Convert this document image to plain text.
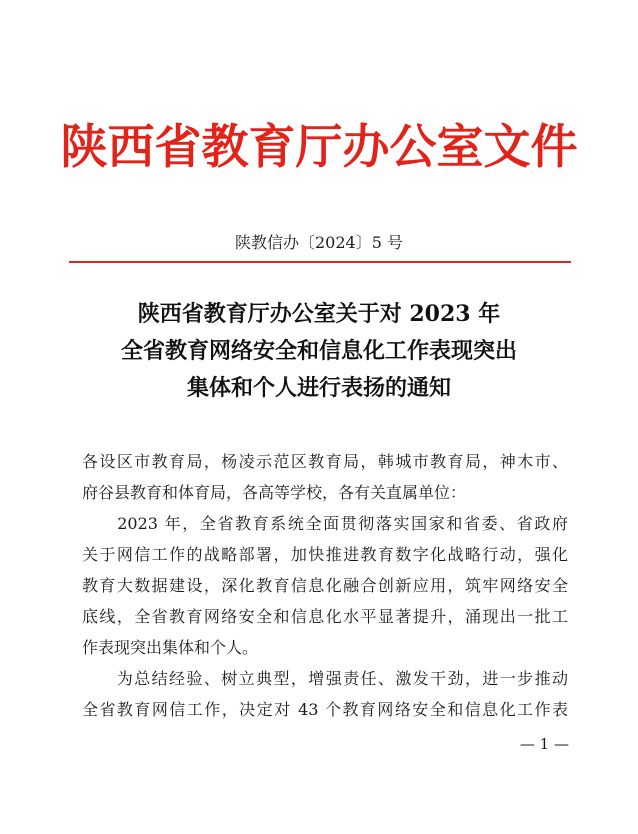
陕西省教育厅办公室文件
陕教信办〔2024〕5 号
陕西省教育厅办公室关于对 2023 年
全省教育网络安全和信息化工作表现突出
集体和个人进行表扬的通知
各设区市教育局，杨凌示范区教育局，韩城市教育局，神木市、
府谷县教育和体育局，各高等学校，各有关直属单位：
　　2023 年，全省教育系统全面贯彻落实国家和省委、省政府
关于网信工作的战略部署，加快推进教育数字化战略行动，强化
教育大数据建设，深化教育信息化融合创新应用，筑牢网络安全
底线，全省教育网络安全和信息化水平显著提升，涌现出一批工
作表现突出集体和个人。
　　为总结经验、树立典型，增强责任、激发干劲，进一步推动
全省教育网信工作，决定对 43 个教育网络安全和信息化工作表
— 1 —
